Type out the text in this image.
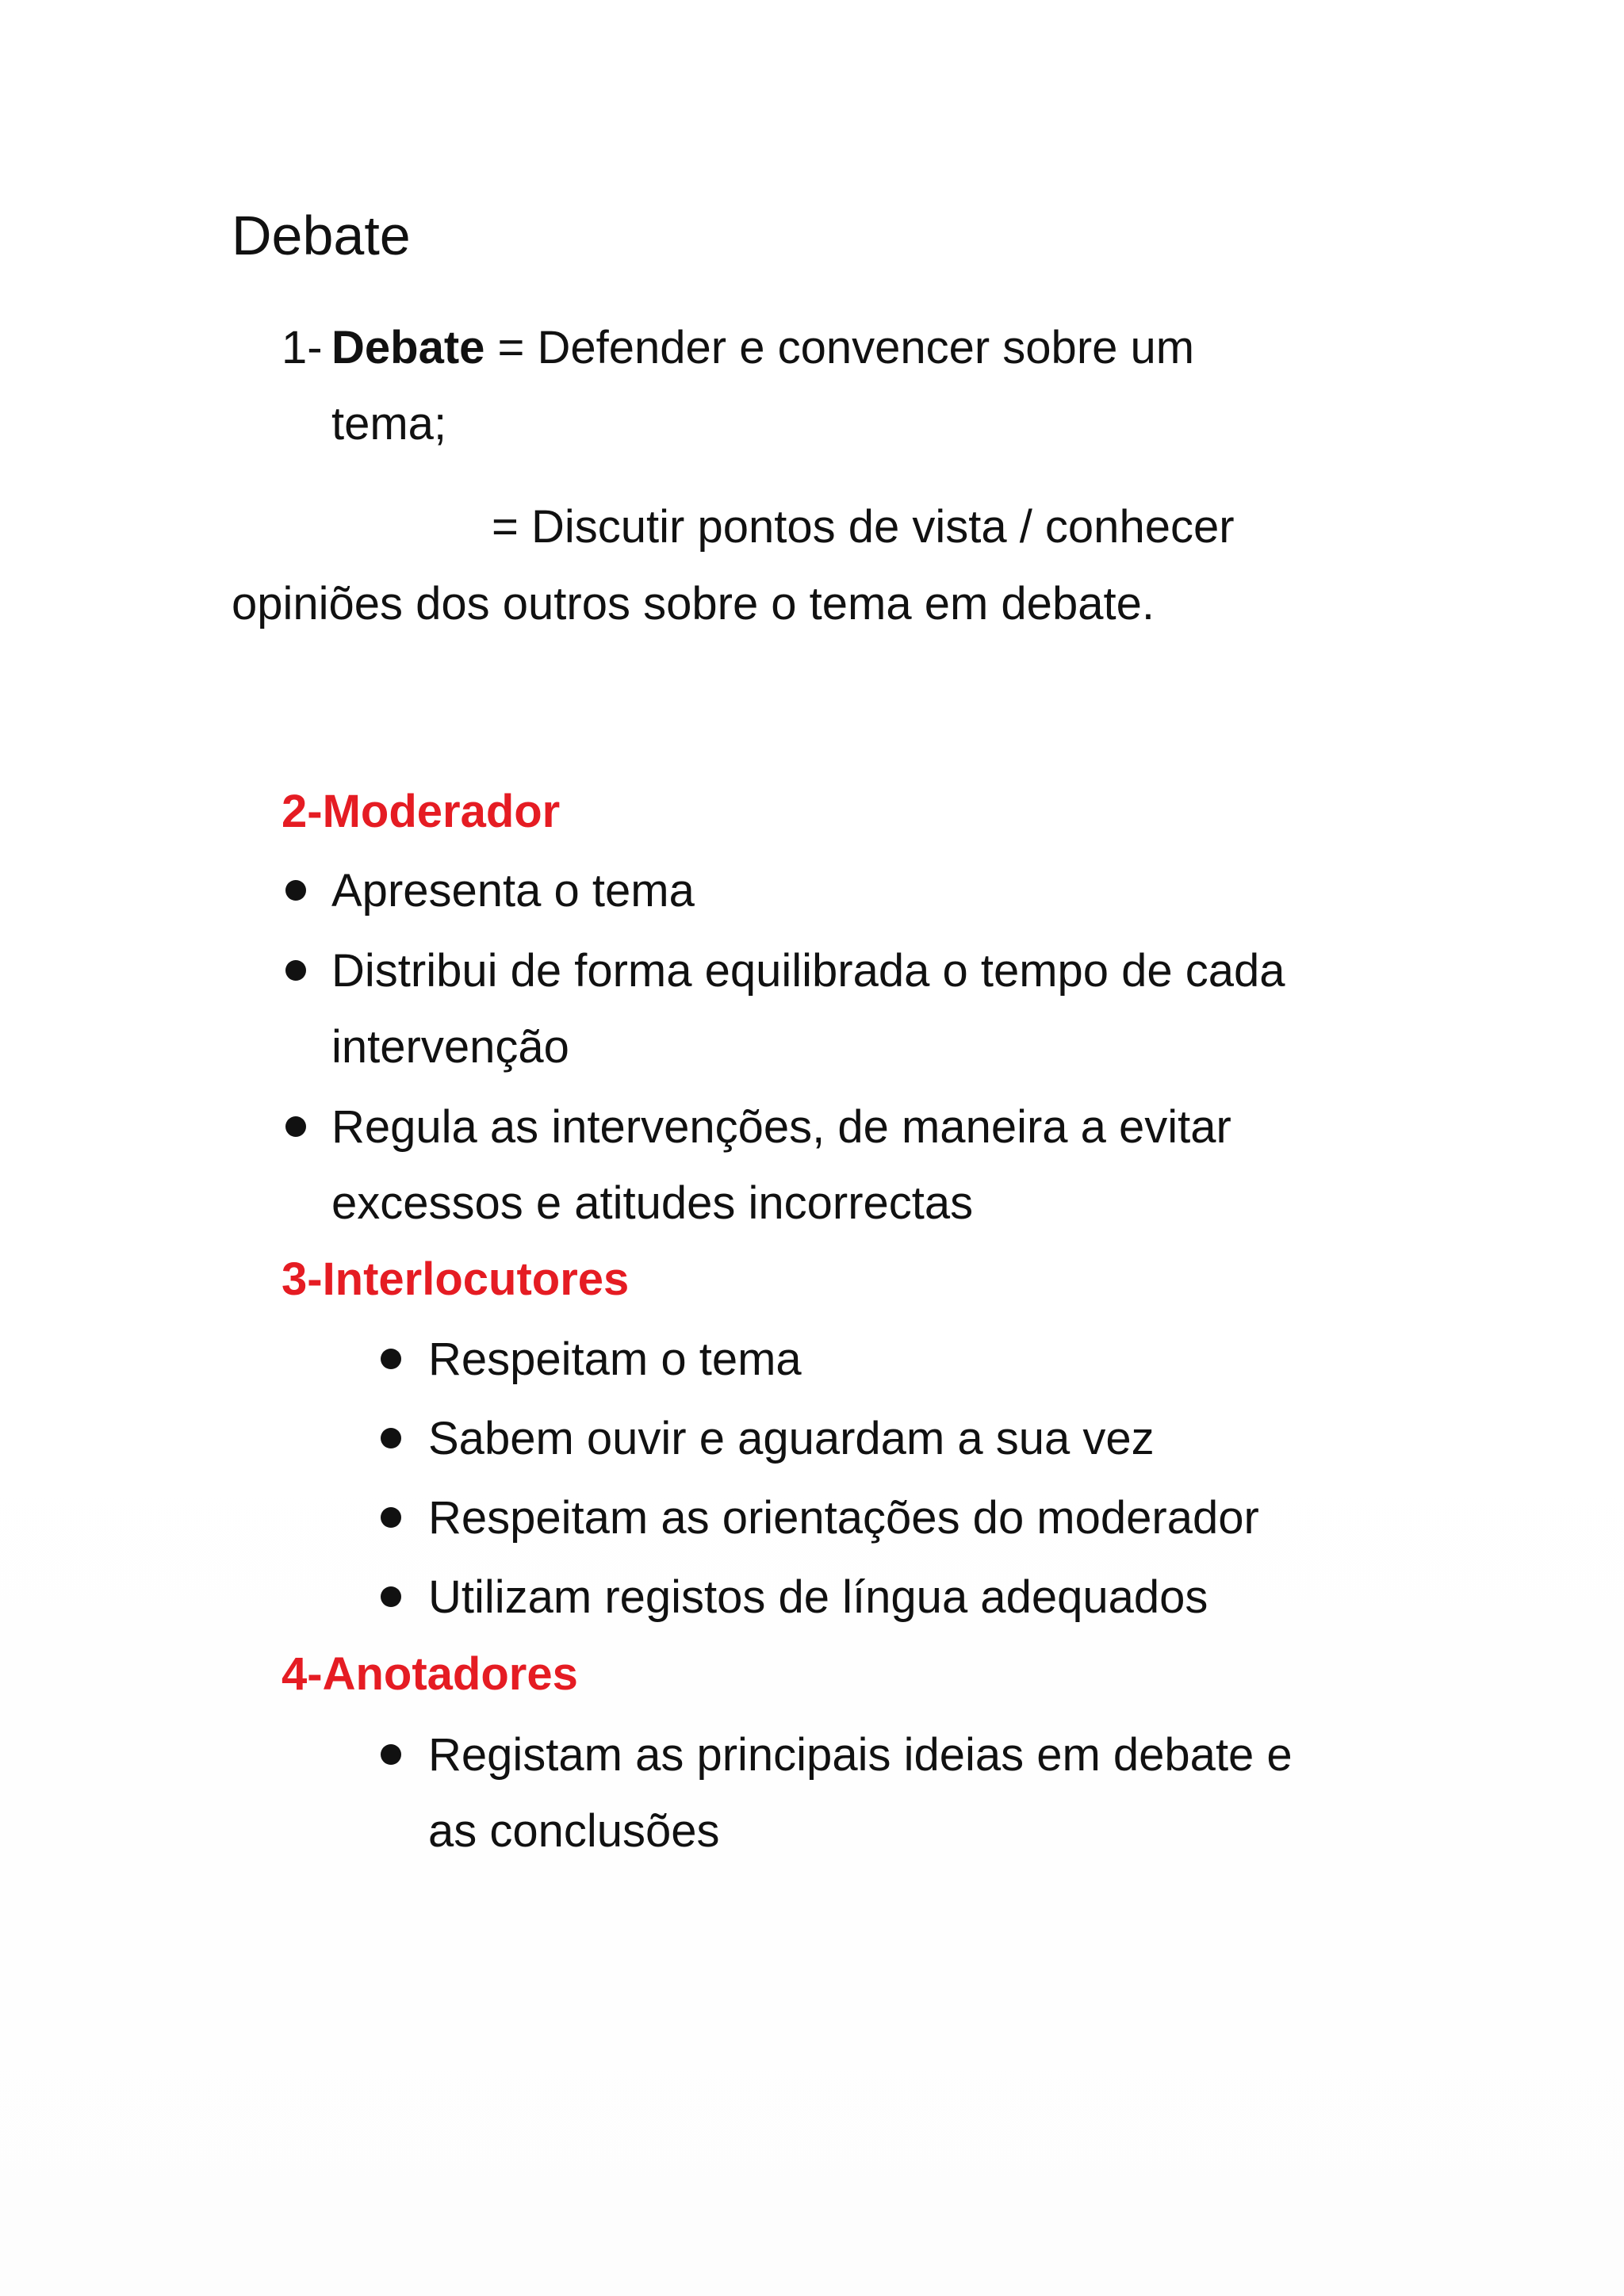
Debate
1- Debate = Defender e convencer sobre um
tema;
= Discutir pontos de vista / conhecer
opiniões dos outros sobre o tema em debate.
2-Moderador
Apresenta o tema
Distribui de forma equilibrada o tempo de cada
intervenção
Regula as intervenções, de maneira a evitar
excessos e atitudes incorrectas
3-Interlocutores
Respeitam o tema
Sabem ouvir e aguardam a sua vez
Respeitam as orientações do moderador
Utilizam registos de língua adequados
4-Anotadores
Registam as principais ideias em debate e
as conclusões
